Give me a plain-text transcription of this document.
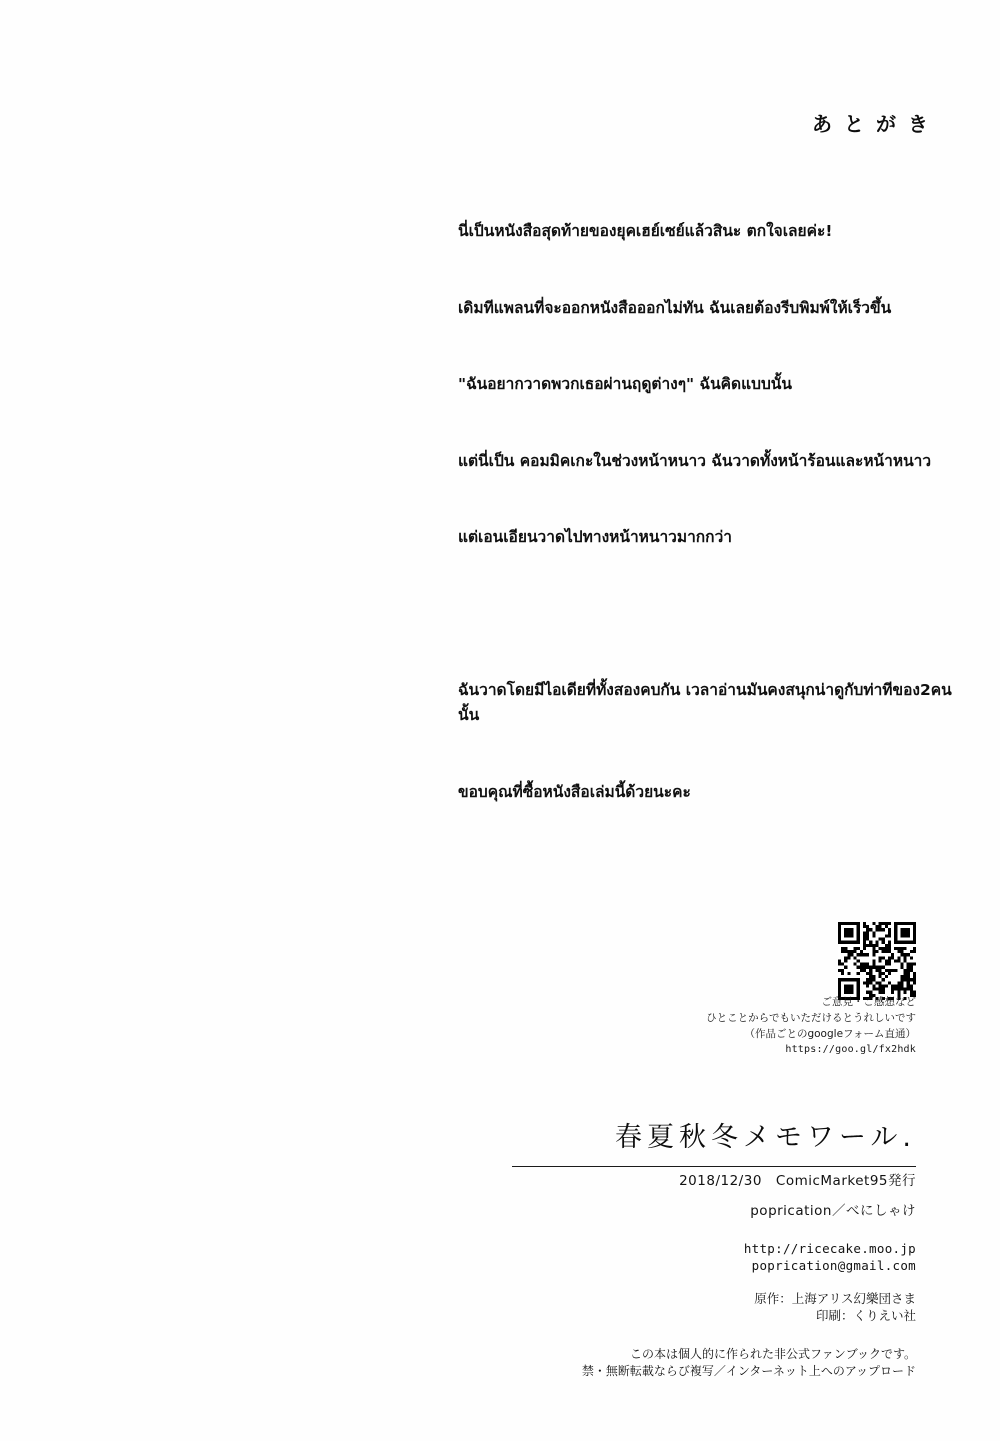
あとがき

นี่เป็นหนังสือสุดท้ายของยุคเฮย์เซย์แล้วสินะ ตกใจเลยค่ะ!

เดิมทีแพลนที่จะออกหนังสือออกไม่ทัน ฉันเลยต้องรีบพิมพ์ให้เร็วขึ้น

"ฉันอยากวาดพวกเธอผ่านฤดูต่างๆ" ฉันคิดแบบนั้น

แต่นี่เป็น คอมมิคเกะในช่วงหน้าหนาว ฉันวาดทั้งหน้าร้อนและหน้าหนาว

แต่เอนเอียนวาดไปทางหน้าหนาวมากกว่า

ฉันวาดโดยมีไอเดียที่ทั้งสองคบกัน เวลาอ่านมันคงสนุกน่าดูกับท่าทีของ2คนนั้น

ขอบคุณที่ซื้อหนังสือเล่มนี้ด้วยนะคะ

ご意見・ご感想など
ひとことからでもいただけるとうれしいです
（作品ごとのgoogleフォーム直通）
https://goo.gl/fx2hdk
春夏秋冬メモワール.
2018/12/30　ComicMarket95発行
poprication／べにしゃけ
http://ricecake.moo.jp
poprication@gmail.com
原作：上海アリス幻樂団さま
印刷：くりえい社
この本は個人的に作られた非公式ファンブックです。
禁・無断転載ならび複写／インターネット上へのアップロード
